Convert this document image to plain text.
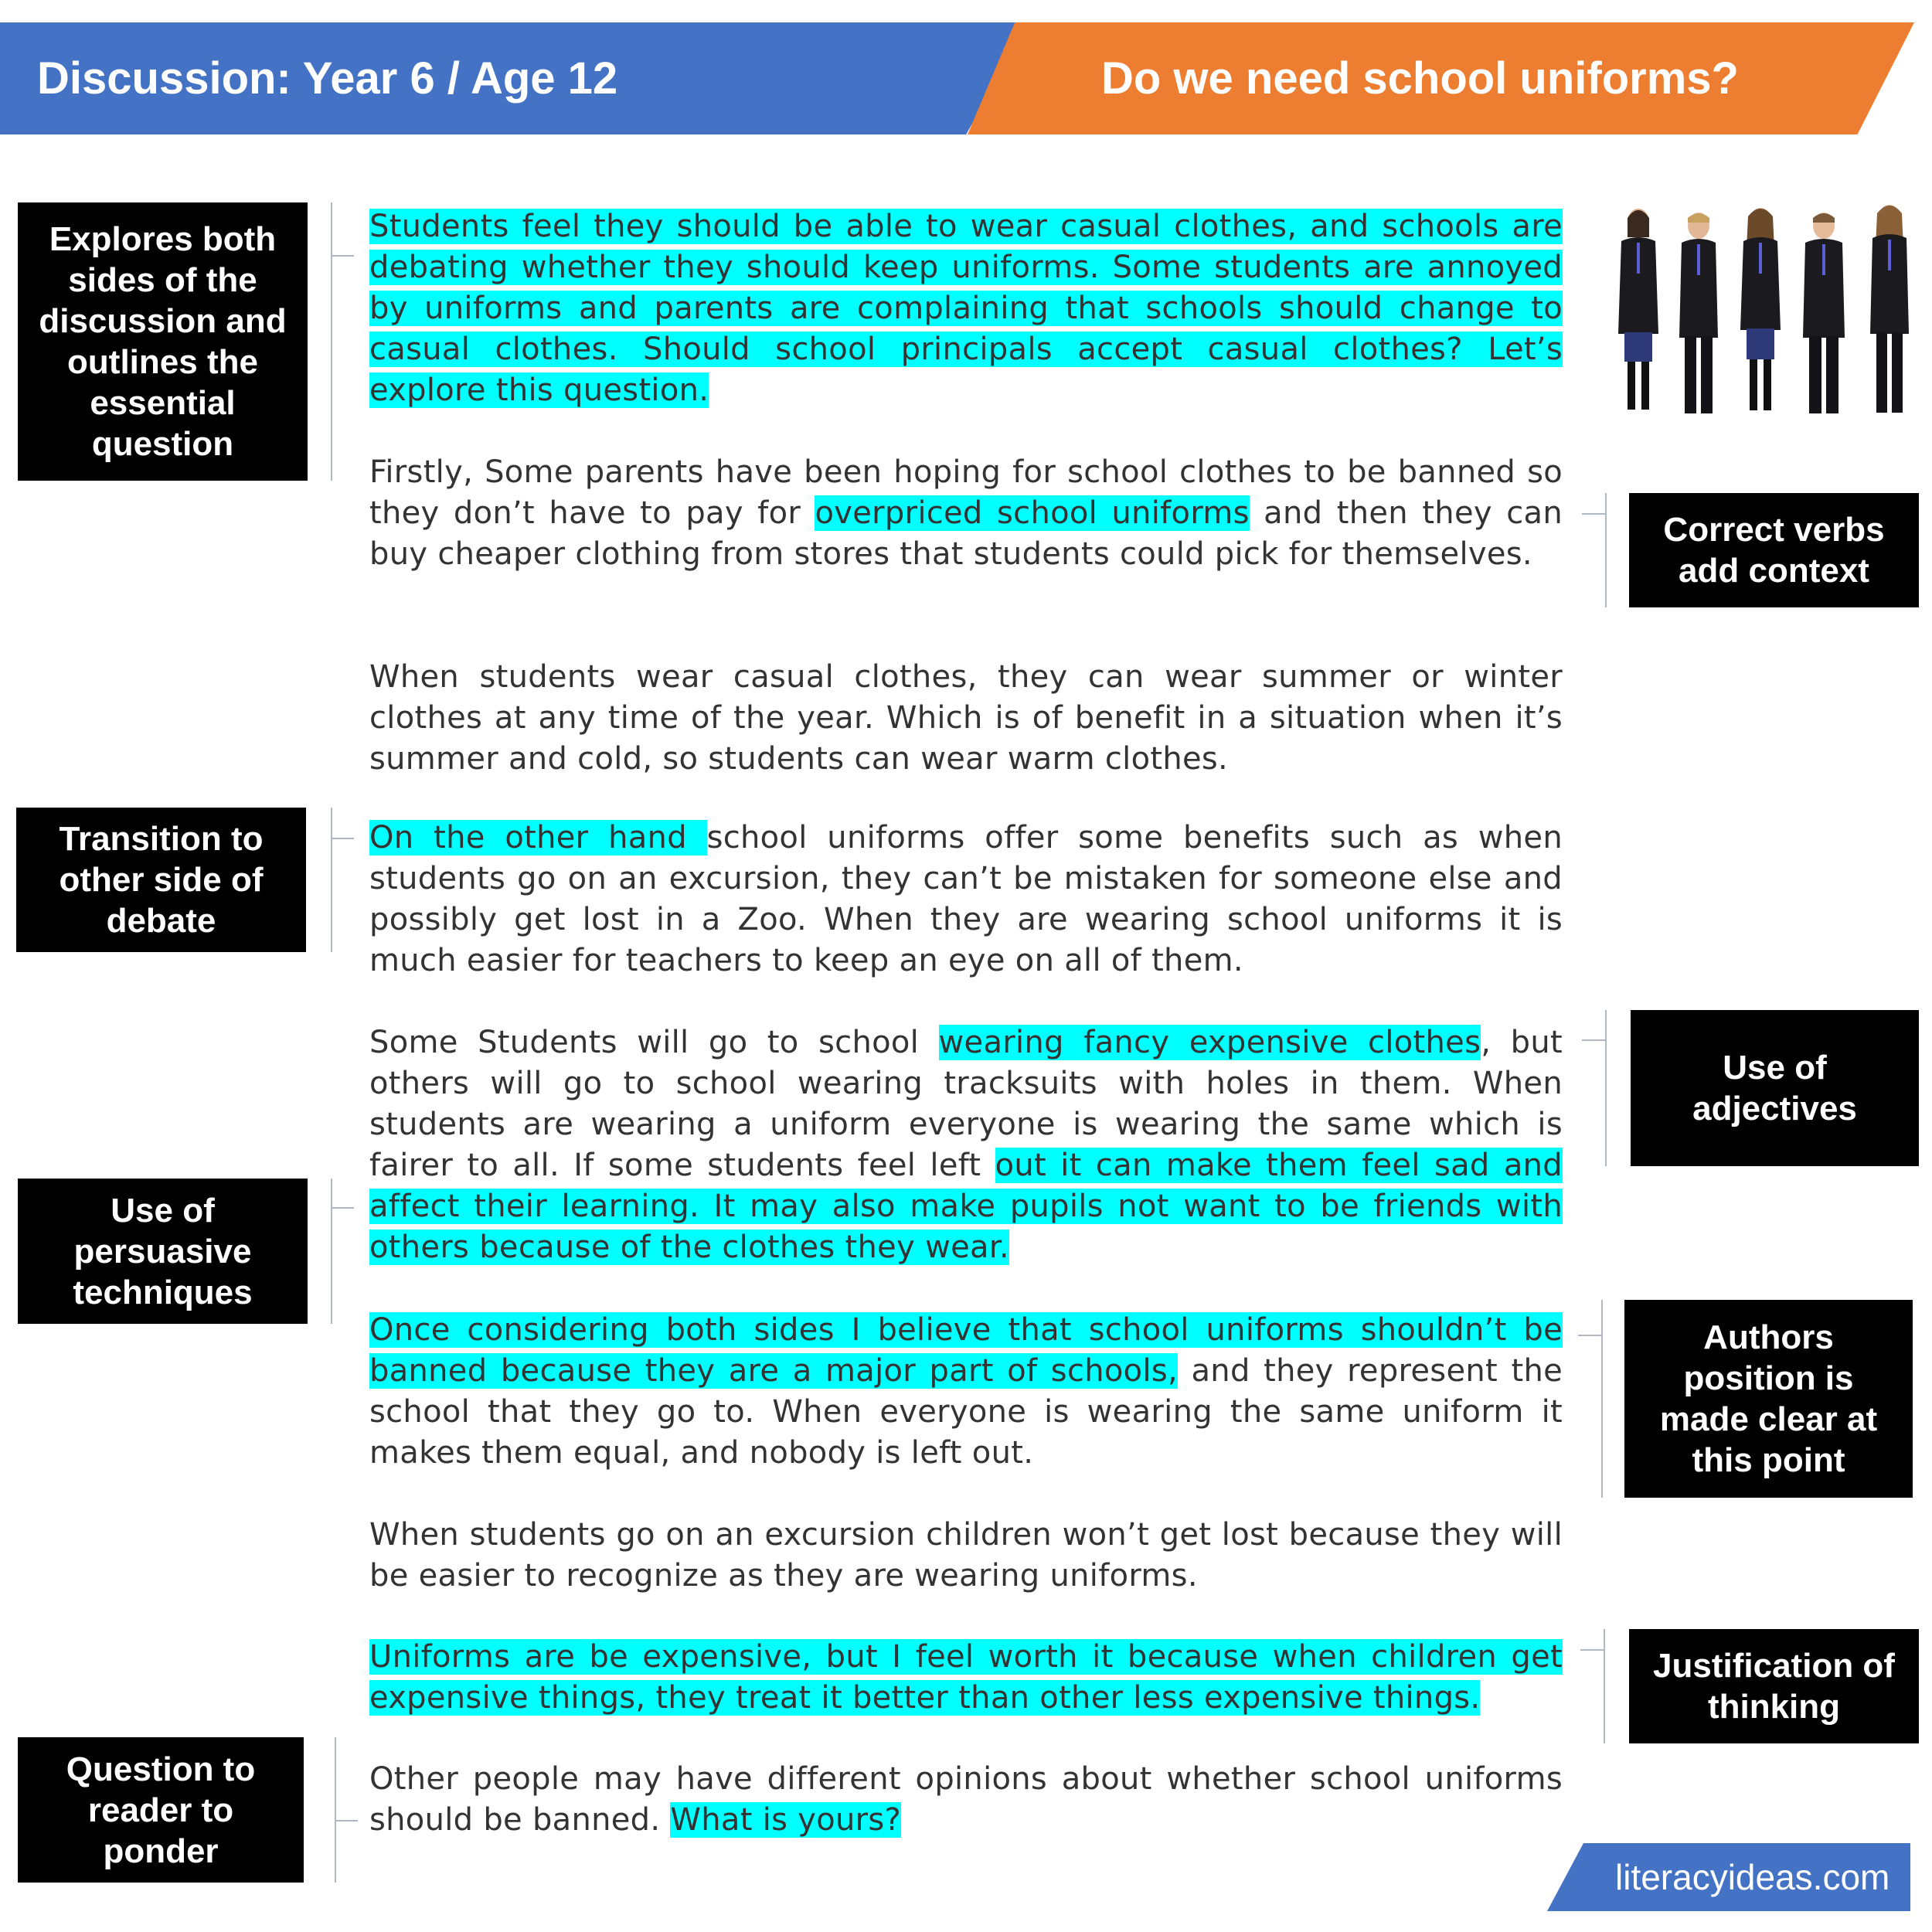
Discussion: Year 6 / Age 12	Do we need school uniforms?
Explores both sides of the discussion and outlines the essential question
Transition to other side of debate
Use of persuasive techniques
Question to reader to ponder
Correct verbs add context
Use of adjectives
Authors position is made clear at this point
Justification of thinking

Students feel they should be able to wear casual clothes, and schools are debating whether they should keep uniforms. Some students are annoyed by uniforms and parents are complaining that schools should change to casual clothes. Should school principals accept casual clothes? Let’s explore this question.

Firstly, Some parents have been hoping for school clothes to be banned so they don’t have to pay for overpriced school uniforms and then they can buy cheaper clothing from stores that students could pick for themselves.

When students wear casual clothes, they can wear summer or winter clothes at any time of the year. Which is of benefit in a situation when it’s summer and cold, so students can wear warm clothes.

On the other hand school uniforms offer some benefits such as when students go on an excursion, they can’t be mistaken for someone else and possibly get lost in a Zoo. When they are wearing school uniforms it is much easier for teachers to keep an eye on all of them.

Some Students will go to school wearing fancy expensive clothes, but others will go to school wearing tracksuits with holes in them. When students are wearing a uniform everyone is wearing the same which is fairer to all. If some students feel left out it can make them feel sad and affect their learning. It may also make pupils not want to be friends with others because of the clothes they wear.

Once considering both sides I believe that school uniforms shouldn’t be banned because they are a major part of schools, and they represent the school that they go to. When everyone is wearing the same uniform it makes them equal, and nobody is left out.

When students go on an excursion children won’t get lost because they will be easier to recognize as they are wearing uniforms.

Uniforms are be expensive, but I feel worth it because when children get expensive things, they treat it better than other less expensive things.

Other people may have different opinions about whether school uniforms should be banned. What is yours?

literacyideas.com
